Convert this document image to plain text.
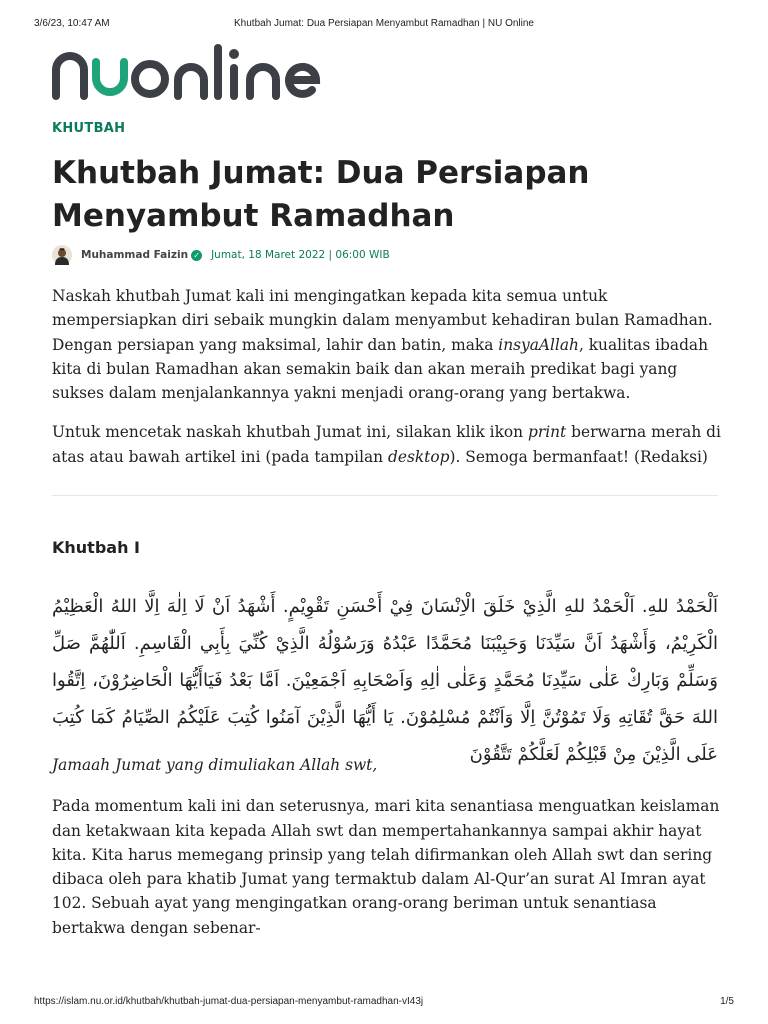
3/6/23, 10:47 AM	Khutbah Jumat: Dua Persiapan Menyambut Ramadhan | NU Online
KHUTBAH
Khutbah Jumat: Dua Persiapan Menyambut Ramadhan
Muhammad Faizin ✓ Jumat, 18 Maret 2022 | 06:00 WIB

Naskah khutbah Jumat kali ini mengingatkan kepada kita semua untuk mempersiapkan diri sebaik mungkin dalam menyambut kehadiran bulan Ramadhan. Dengan persiapan yang maksimal, lahir dan batin, maka insyaAllah, kualitas ibadah kita di bulan Ramadhan akan semakin baik dan akan meraih predikat bagi yang sukses dalam menjalankannya yakni menjadi orang-orang yang bertakwa.

Untuk mencetak naskah khutbah Jumat ini, silakan klik ikon print berwarna merah di atas atau bawah artikel ini (pada tampilan desktop). Semoga bermanfaat! (Redaksi)

Khutbah I
اَلْحَمْدُ للهِ. اَلْحَمْدُ للهِ الَّذِيْ خَلَقَ الْاِنْسَانَ فِيْ أَحْسَنِ تَقْوِيْمٍ. أَشْهَدُ اَنْ لَا اِلٰهَ اِلَّا اللهُ الْعَظِيْمُ الْكَرِيْمُ، وَأَشْهَدُ اَنَّ سَيِّدَنَا وَحَبِيْبَنَا مُحَمَّدًا عَبْدُهُ وَرَسُوْلُهُ الَّذِيْ كُنِّيَ بِأَبِي الْقَاسِمِ. اَللّٰهُمَّ صَلِّ وَسَلِّمْ وَبَارِكْ عَلٰى سَيِّدِنَا مُحَمَّدٍ وَعَلٰى اٰلِهِ وَاَصْحَابِهِ اَجْمَعِيْنَ. اَمَّا بَعْدُ فَيَاأَيُّهَا الْحَاضِرُوْنَ، اِتَّقُوا اللهَ حَقَّ تُقَاتِهِ وَلَا تَمُوْتُنَّ اِلَّا وَاَنْتُمْ مُسْلِمُوْنَ. يَا أَيُّهَا الَّذِيْنَ آمَنُوا كُتِبَ عَلَيْكُمُ الصِّيَامُ كَمَا كُتِبَ عَلَى الَّذِيْنَ مِنْ قَبْلِكُمْ لَعَلَّكُمْ تَتَّقُوْنَ

Jamaah Jumat yang dimuliakan Allah swt,

Pada momentum kali ini dan seterusnya, mari kita senantiasa menguatkan keislaman dan ketakwaan kita kepada Allah swt dan mempertahankannya sampai akhir hayat kita. Kita harus memegang prinsip yang telah difirmankan oleh Allah swt dan sering dibaca oleh para khatib Jumat yang termaktub dalam Al-Qur’an surat Al Imran ayat 102. Sebuah ayat yang mengingatkan orang-orang beriman untuk senantiasa bertakwa dengan sebenar-

https://islam.nu.or.id/khutbah/khutbah-jumat-dua-persiapan-menyambut-ramadhan-vI43j	1/5
